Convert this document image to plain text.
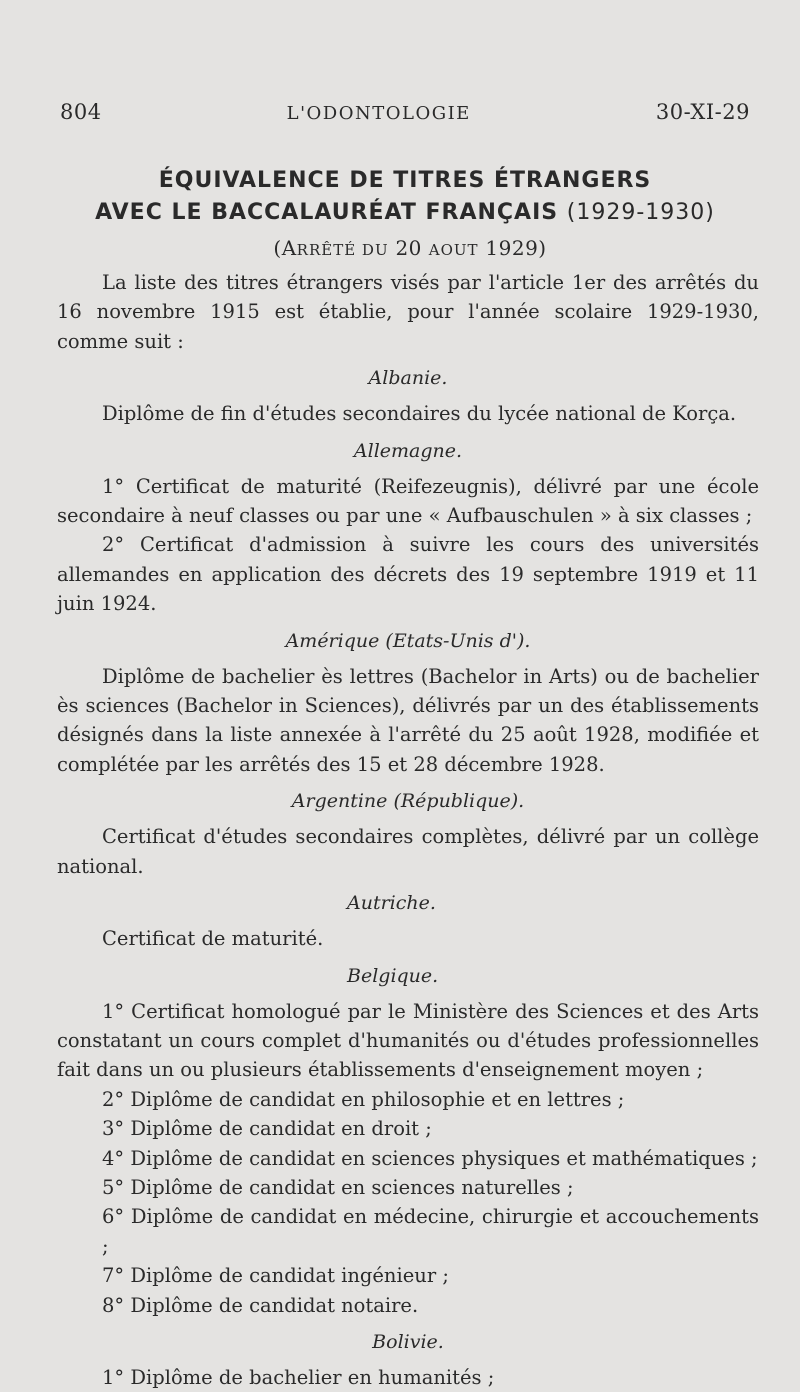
804	L'ODONTOLOGIE	30-XI-29
ÉQUIVALENCE DE TITRES ÉTRANGERS
AVEC LE BACCALAURÉAT FRANÇAIS (1929-1930)
(ARRÊTÉ DU 20 AOUT 1929)

La liste des titres étrangers visés par l'article 1er des arrêtés du 16 novembre 1915 est établie, pour l'année scolaire 1929-1930, comme suit :

Albanie.

Diplôme de fin d'études secondaires du lycée national de Korça.

Allemagne.

1° Certificat de maturité (Reifezeugnis), délivré par une école secondaire à neuf classes ou par une « Aufbauschulen » à six classes ;

2° Certificat d'admission à suivre les cours des universités allemandes en application des décrets des 19 septembre 1919 et 11 juin 1924.

Amérique (Etats-Unis d').

Diplôme de bachelier ès lettres (Bachelor in Arts) ou de bachelier ès sciences (Bachelor in Sciences), délivrés par un des établissements désignés dans la liste annexée à l'arrêté du 25 août 1928, modifiée et complétée par les arrêtés des 15 et 28 décembre 1928.

Argentine (République).

Certificat d'études secondaires complètes, délivré par un collège national.

Autriche.

Certificat de maturité.

Belgique.

1° Certificat homologué par le Ministère des Sciences et des Arts constatant un cours complet d'humanités ou d'études professionnelles fait dans un ou plusieurs établissements d'enseignement moyen ;

2° Diplôme de candidat en philosophie et en lettres ;

3° Diplôme de candidat en droit ;

4° Diplôme de candidat en sciences physiques et mathématiques ;

5° Diplôme de candidat en sciences naturelles ;

6° Diplôme de candidat en médecine, chirurgie et accouchements ;

7° Diplôme de candidat ingénieur ;

8° Diplôme de candidat notaire.

Bolivie.

1° Diplôme de bachelier en humanités ;
